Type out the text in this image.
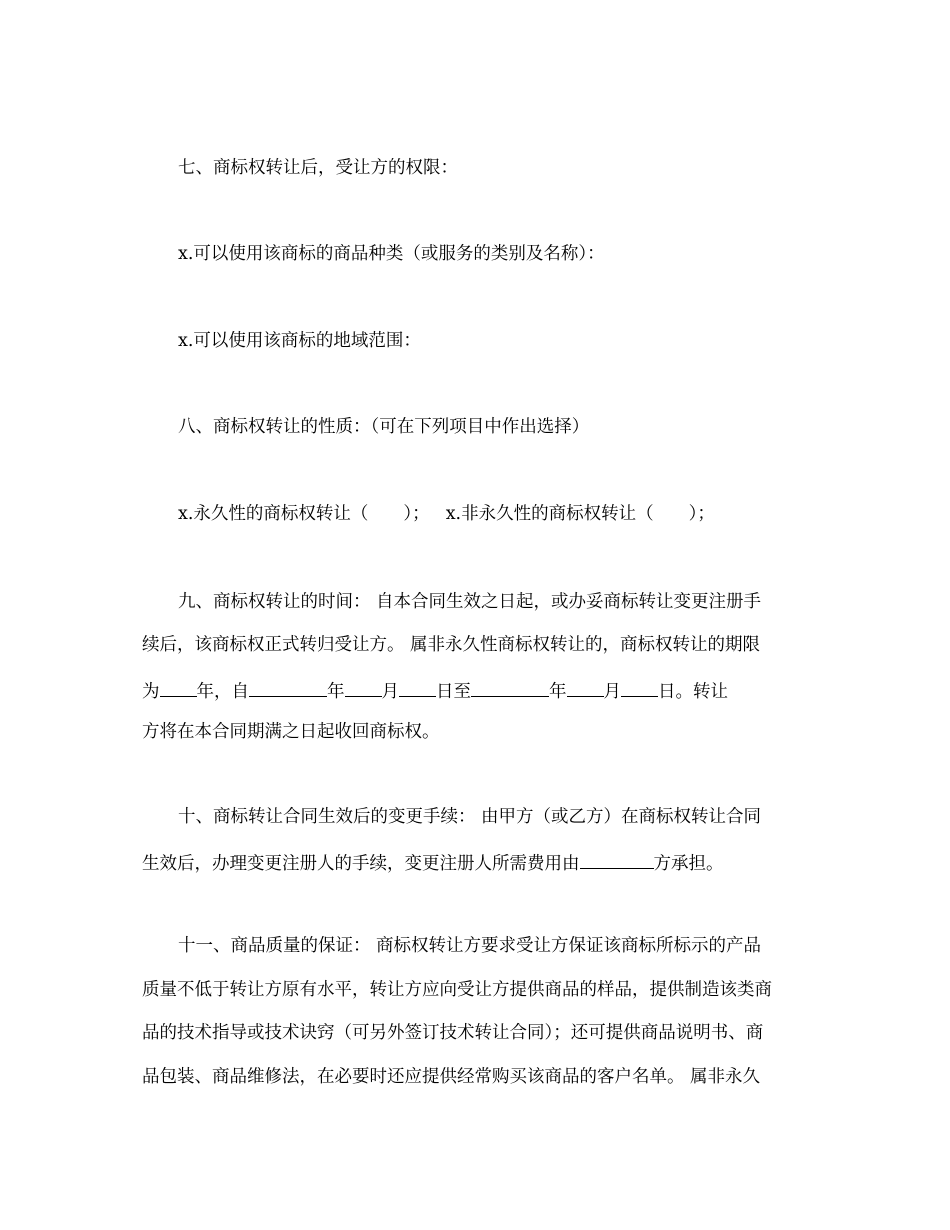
七、商标权转让后，受让方的权限：
x.可以使用该商标的商品种类（或服务的类别及名称）：
x.可以使用该商标的地域范围：
八、商标权转让的性质：（可在下列项目中作出选择）
x.永久性的商标权转让（　　）； x.非永久性的商标权转让（　　）；
九、商标权转让的时间： 自本合同生效之日起，或办妥商标转让变更注册手
续后，该商标权正式转归受让方。 属非永久性商标权转让的，商标权转让的期限
为 年，自	年 月 日至	年 月 日。转让
方将在本合同期满之日起收回商标权。
十、商标转让合同生效后的变更手续： 由甲方（或乙方）在商标权转让合同
生效后，办理变更注册人的手续，变更注册人所需费用由	方承担。
十一、商品质量的保证： 商标权转让方要求受让方保证该商标所标示的产品
质量不低于转让方原有水平，转让方应向受让方提供商品的样品，提供制造该类商
品的技术指导或技术诀窍（可另外签订技术转让合同）；还可提供商品说明书、商
品包装、商品维修法，在必要时还应提供经常购买该商品的客户名单。 属非永久
